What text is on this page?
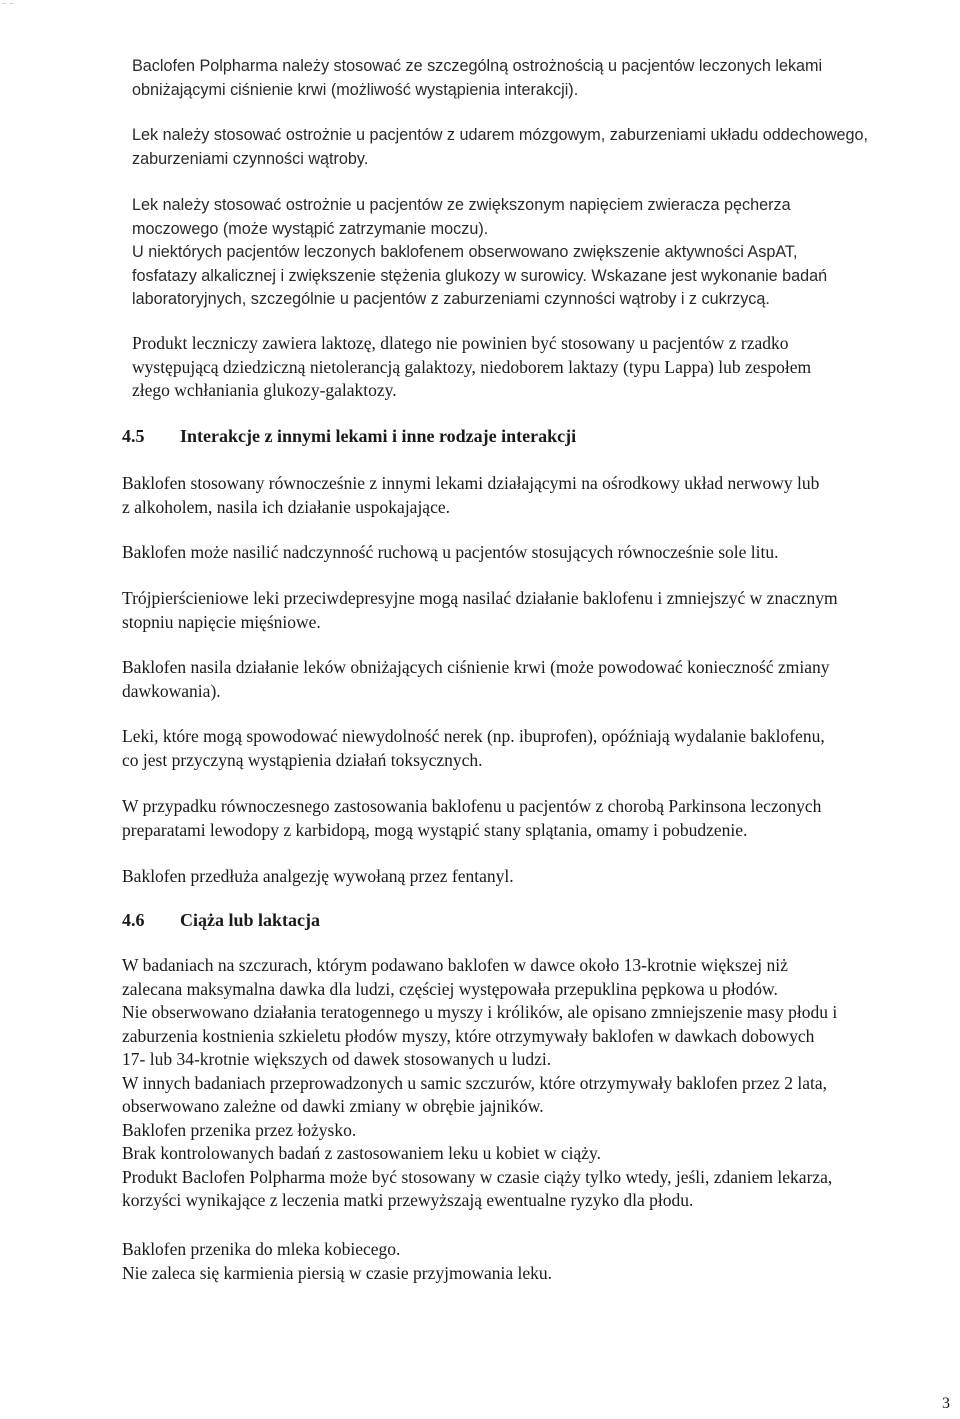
⁻ ⁻

Baclofen Polpharma należy stosować ze szczególną ostrożnością u pacjentów leczonych lekami
obniżającymi ciśnienie krwi (możliwość wystąpienia interakcji).

Lek należy stosować ostrożnie u pacjentów z udarem mózgowym, zaburzeniami układu oddechowego,
zaburzeniami czynności wątroby.

Lek należy stosować ostrożnie u pacjentów ze zwiększonym napięciem zwieracza pęcherza
moczowego (może wystąpić zatrzymanie moczu).
U niektórych pacjentów leczonych baklofenem obserwowano zwiększenie aktywności AspAT,
fosfatazy alkalicznej i zwiększenie stężenia glukozy w surowicy. Wskazane jest wykonanie badań
laboratoryjnych, szczególnie u pacjentów z zaburzeniami czynności wątroby i z cukrzycą.

Produkt leczniczy zawiera laktozę, dlatego nie powinien być stosowany u pacjentów z rzadko
występującą dziedziczną nietolerancją galaktozy, niedoborem laktazy (typu Lappa) lub zespołem
złego wchłaniania glukozy-galaktozy.

4.5 Interakcje z innymi lekami i inne rodzaje interakcji

Baklofen stosowany równocześnie z innymi lekami działającymi na ośrodkowy układ nerwowy lub
z alkoholem, nasila ich działanie uspokajające.

Baklofen może nasilić nadczynność ruchową u pacjentów stosujących równocześnie sole litu.

Trójpierścieniowe leki przeciwdepresyjne mogą nasilać działanie baklofenu i zmniejszyć w znacznym
stopniu napięcie mięśniowe.

Baklofen nasila działanie leków obniżających ciśnienie krwi (może powodować konieczność zmiany
dawkowania).

Leki, które mogą spowodować niewydolność nerek (np. ibuprofen), opóźniają wydalanie baklofenu,
co jest przyczyną wystąpienia działań toksycznych.

W przypadku równoczesnego zastosowania baklofenu u pacjentów z chorobą Parkinsona leczonych
preparatami lewodopy z karbidopą, mogą wystąpić stany splątania, omamy i pobudzenie.

Baklofen przedłuża analgezję wywołaną przez fentanyl.

4.6 Ciąża lub laktacja

W badaniach na szczurach, którym podawano baklofen w dawce około 13-krotnie większej niż
zalecana maksymalna dawka dla ludzi, częściej występowała przepuklina pępkowa u płodów.
Nie obserwowano działania teratogennego u myszy i królików, ale opisano zmniejszenie masy płodu i
zaburzenia kostnienia szkieletu płodów myszy, które otrzymywały baklofen w dawkach dobowych
17- lub 34-krotnie większych od dawek stosowanych u ludzi.
W innych badaniach przeprowadzonych u samic szczurów, które otrzymywały baklofen przez 2 lata,
obserwowano zależne od dawki zmiany w obrębie jajników.
Baklofen przenika przez łożysko.
Brak kontrolowanych badań z zastosowaniem leku u kobiet w ciąży.
Produkt Baclofen Polpharma może być stosowany w czasie ciąży tylko wtedy, jeśli, zdaniem lekarza,
korzyści wynikające z leczenia matki przewyższają ewentualne ryzyko dla płodu.

Baklofen przenika do mleka kobiecego.
Nie zaleca się karmienia piersią w czasie przyjmowania leku.

3
